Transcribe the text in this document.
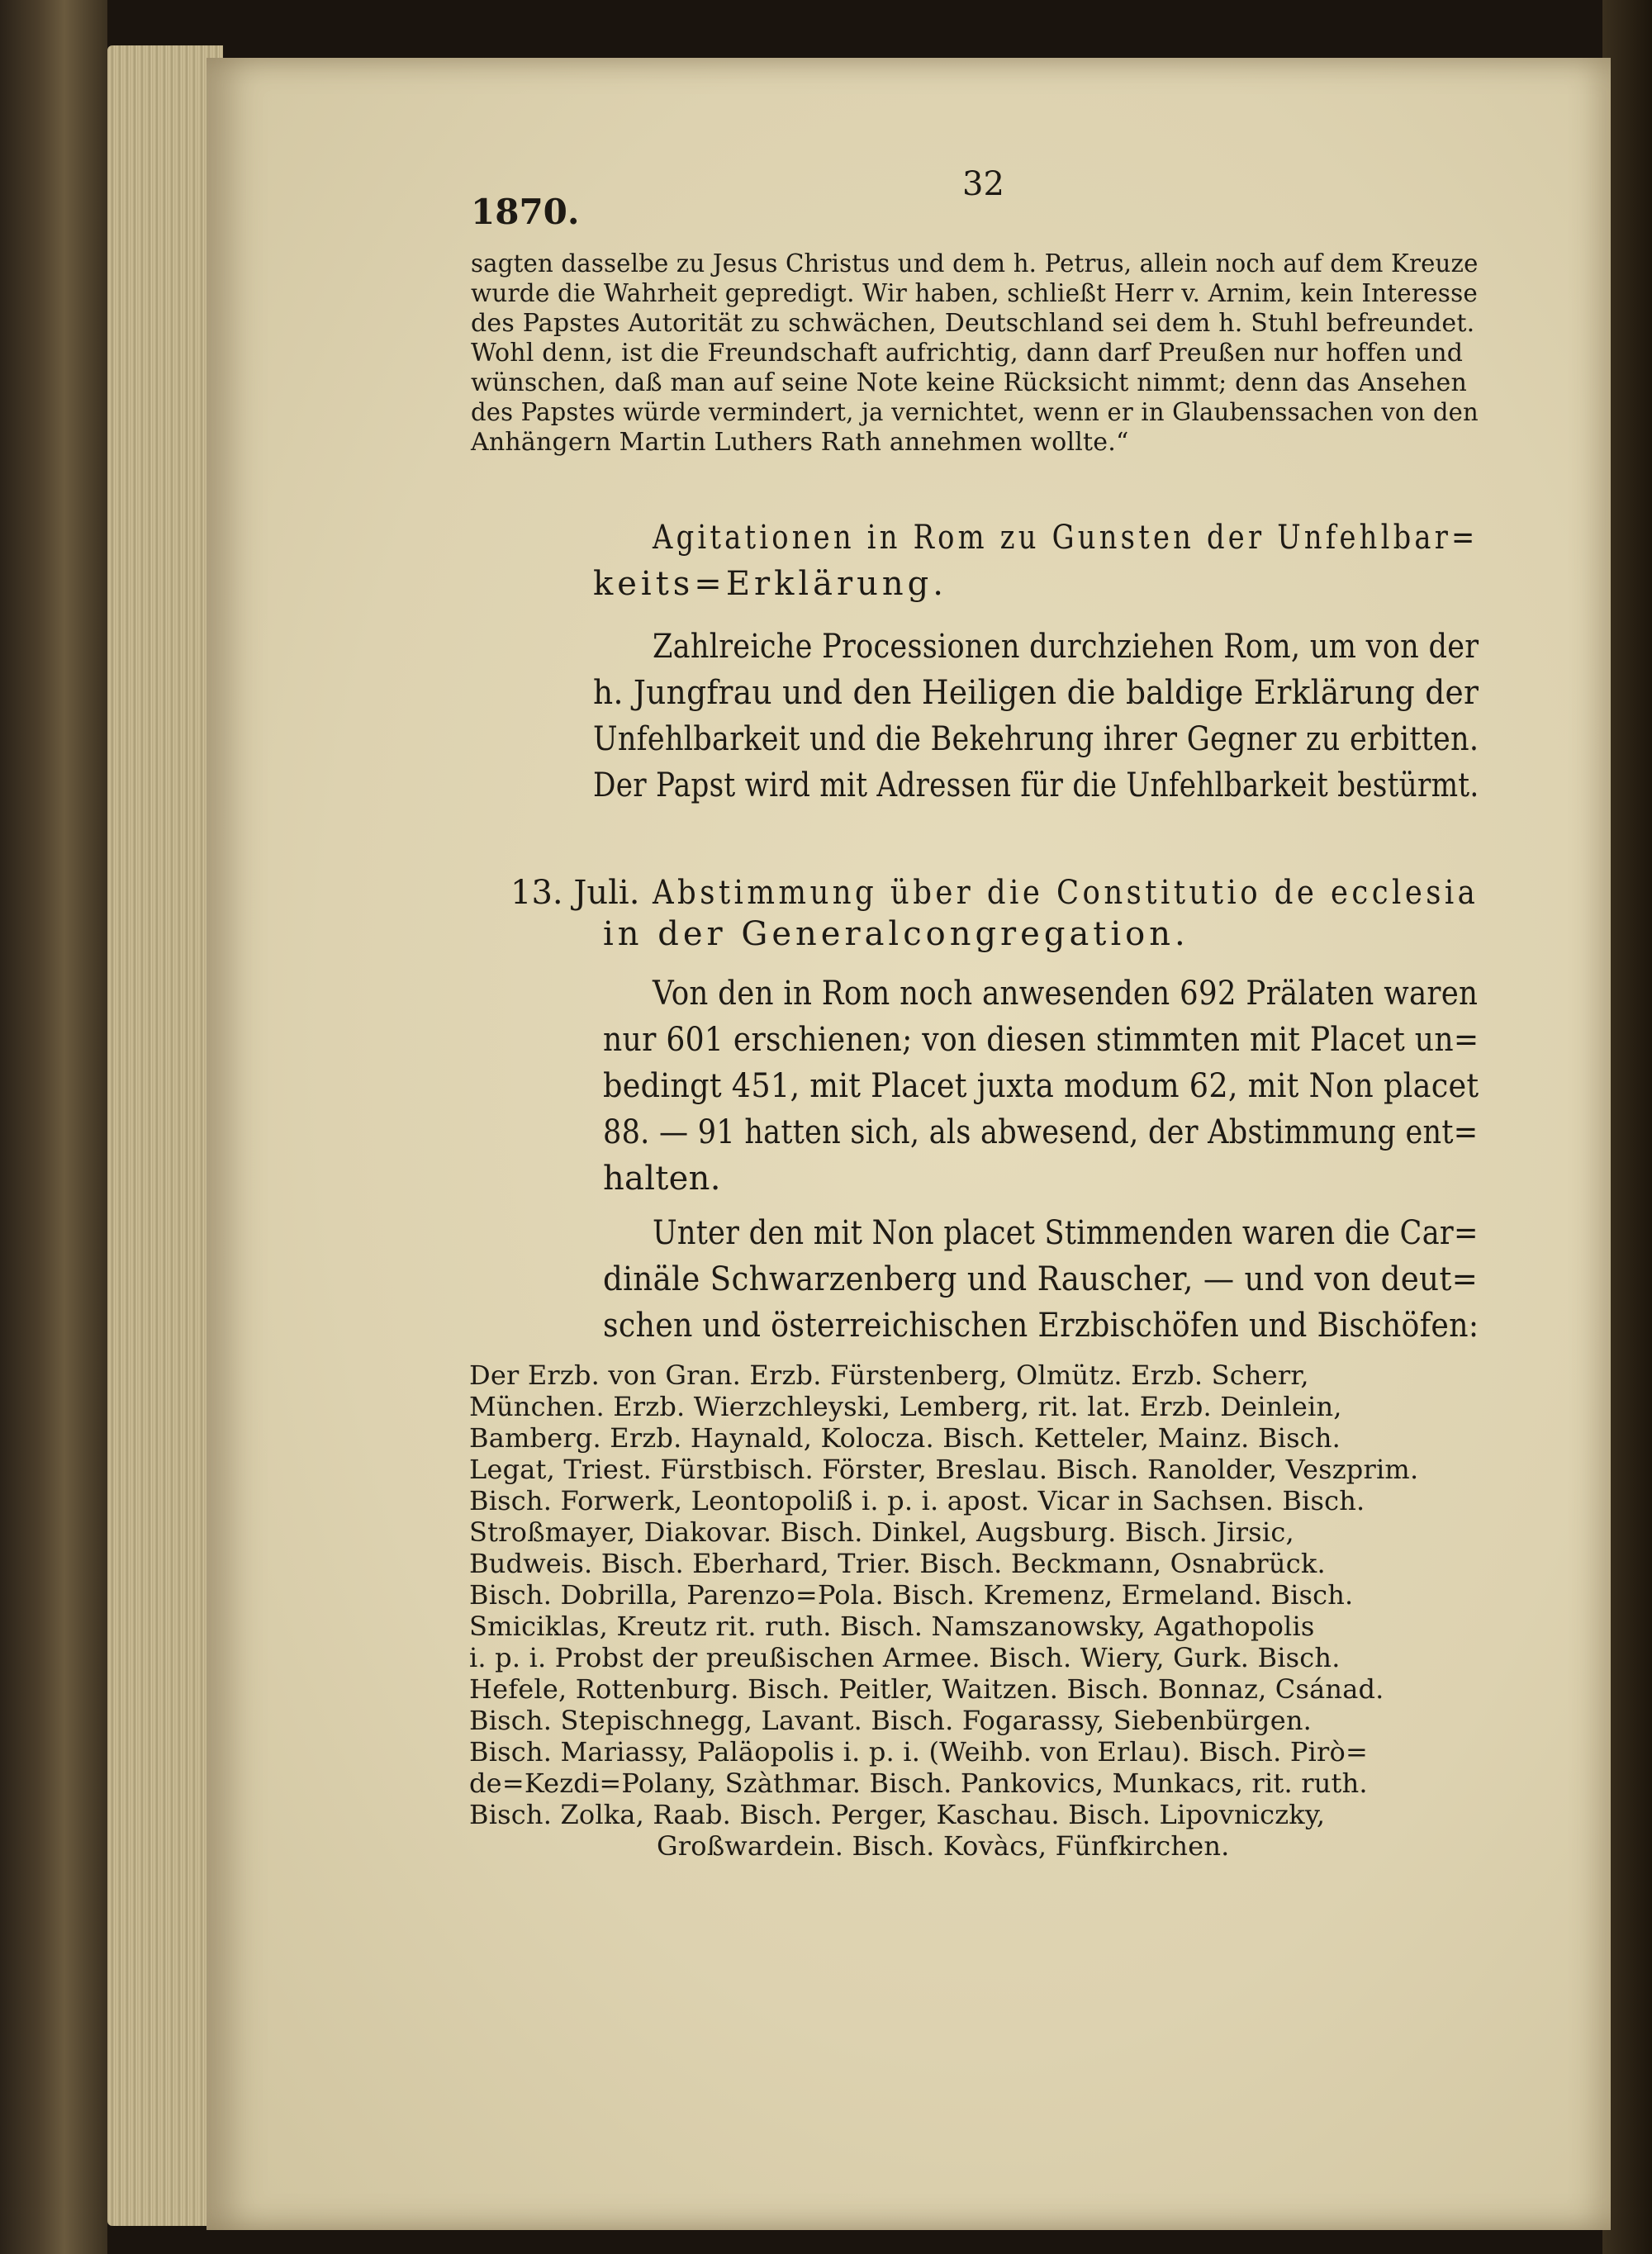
32
1870.
sagten dasselbe zu Jesus Christus und dem h. Petrus, allein noch auf dem Kreuze
wurde die Wahrheit gepredigt. Wir haben, schließt Herr v. Arnim, kein Interesse
des Papstes Autorität zu schwächen, Deutschland sei dem h. Stuhl befreundet.
Wohl denn, ist die Freundschaft aufrichtig, dann darf Preußen nur hoffen und
wünschen, daß man auf seine Note keine Rücksicht nimmt; denn das Ansehen
des Papstes würde vermindert, ja vernichtet, wenn er in Glaubenssachen von den
Anhängern Martin Luthers Rath annehmen wollte.“
Agitationen in Rom zu Gunsten der Unfehlbar=
keits=Erklärung.
Zahlreiche Processionen durchziehen Rom, um von der
h. Jungfrau und den Heiligen die baldige Erklärung der
Unfehlbarkeit und die Bekehrung ihrer Gegner zu erbitten.
Der Papst wird mit Adressen für die Unfehlbarkeit bestürmt.
13. Juli. Abstimmung über die Constitutio de ecclesia
in der Generalcongregation.
Von den in Rom noch anwesenden 692 Prälaten waren
nur 601 erschienen; von diesen stimmten mit Placet un=
bedingt 451, mit Placet juxta modum 62, mit Non placet
88. — 91 hatten sich, als abwesend, der Abstimmung ent=
halten.
Unter den mit Non placet Stimmenden waren die Car=
dinäle Schwarzenberg und Rauscher, — und von deut=
schen und österreichischen Erzbischöfen und Bischöfen:
Der Erzb. von Gran. Erzb. Fürstenberg, Olmütz. Erzb. Scherr,
München. Erzb. Wierzchleyski, Lemberg, rit. lat. Erzb. Deinlein,
Bamberg. Erzb. Haynald, Kolocza. Bisch. Ketteler, Mainz. Bisch.
Legat, Triest. Fürstbisch. Förster, Breslau. Bisch. Ranolder, Veszprim.
Bisch. Forwerk, Leontopoliß i. p. i. apost. Vicar in Sachsen. Bisch.
Stroßmayer, Diakovar. Bisch. Dinkel, Augsburg. Bisch. Jirsic,
Budweis. Bisch. Eberhard, Trier. Bisch. Beckmann, Osnabrück.
Bisch. Dobrilla, Parenzo=Pola. Bisch. Kremenz, Ermeland. Bisch.
Smiciklas, Kreutz rit. ruth. Bisch. Namszanowsky, Agathopolis
i. p. i. Probst der preußischen Armee. Bisch. Wiery, Gurk. Bisch.
Hefele, Rottenburg. Bisch. Peitler, Waitzen. Bisch. Bonnaz, Csánad.
Bisch. Stepischnegg, Lavant. Bisch. Fogarassy, Siebenbürgen.
Bisch. Mariassy, Paläopolis i. p. i. (Weihb. von Erlau). Bisch. Pirò=
de=Kezdi=Polany, Szàthmar. Bisch. Pankovics, Munkacs, rit. ruth.
Bisch. Zolka, Raab. Bisch. Perger, Kaschau. Bisch. Lipovniczky,
Großwardein. Bisch. Kovàcs, Fünfkirchen.
